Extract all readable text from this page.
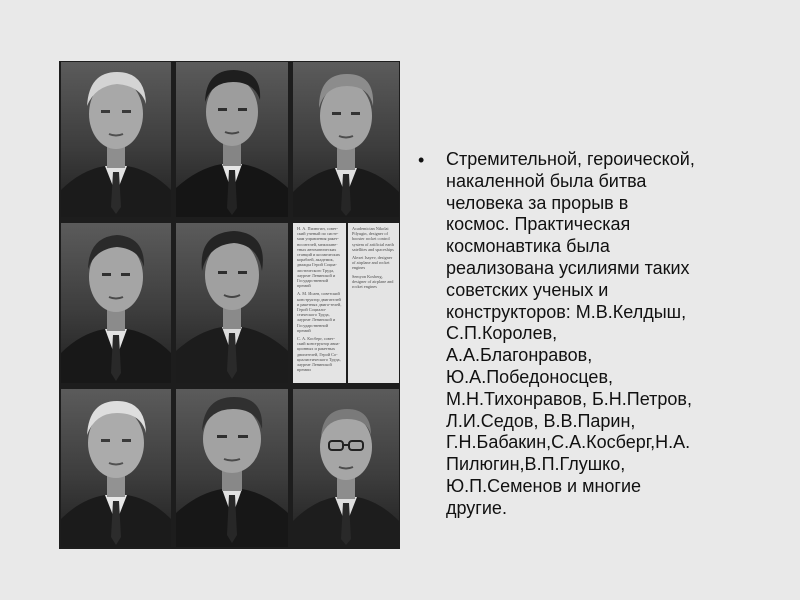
Н. А. Пилюгин, совет-ский ученый по систе-мам управления ракет-носителей, межплане-тных автоматических станций и космических кораблей, академик, дважды Герой Социа-листического Труда, лауреат Ленинской и Государственной премий

А. М. Исаев, советский конструктор двигателей и ракетных двига-телей, Герой Социали-стического Труда, лауреат Ленинской и Государственной премий

С. А. Косберг, совет-ский конструктор авиа-ционных и ракетных двигателей, Герой Со-циалистического Труда, лауреат Ленинской премии

Academician Nikolai Pilyugin, designer of booster rocket control system of artificial earth satellites and spaceships

Alexei Isayev, designer of airplane and rocket engines

Semyon Kosberg, designer of airplane and rocket engines

• Стремительной, героической,
накаленной была битва
человека за прорыв в
космос. Практическая
космонавтика была
реализована усилиями таких
советских ученых и
конструкторов: М.В.Келдыш,
С.П.Королев,
А.А.Благонравов,
Ю.А.Победоносцев,
М.Н.Тихонравов, Б.Н.Петров,
Л.И.Седов, В.В.Парин,
Г.Н.Бабакин,С.А.Косберг,Н.А.
Пилюгин,В.П.Глушко,
Ю.П.Семенов и многие
другие.
